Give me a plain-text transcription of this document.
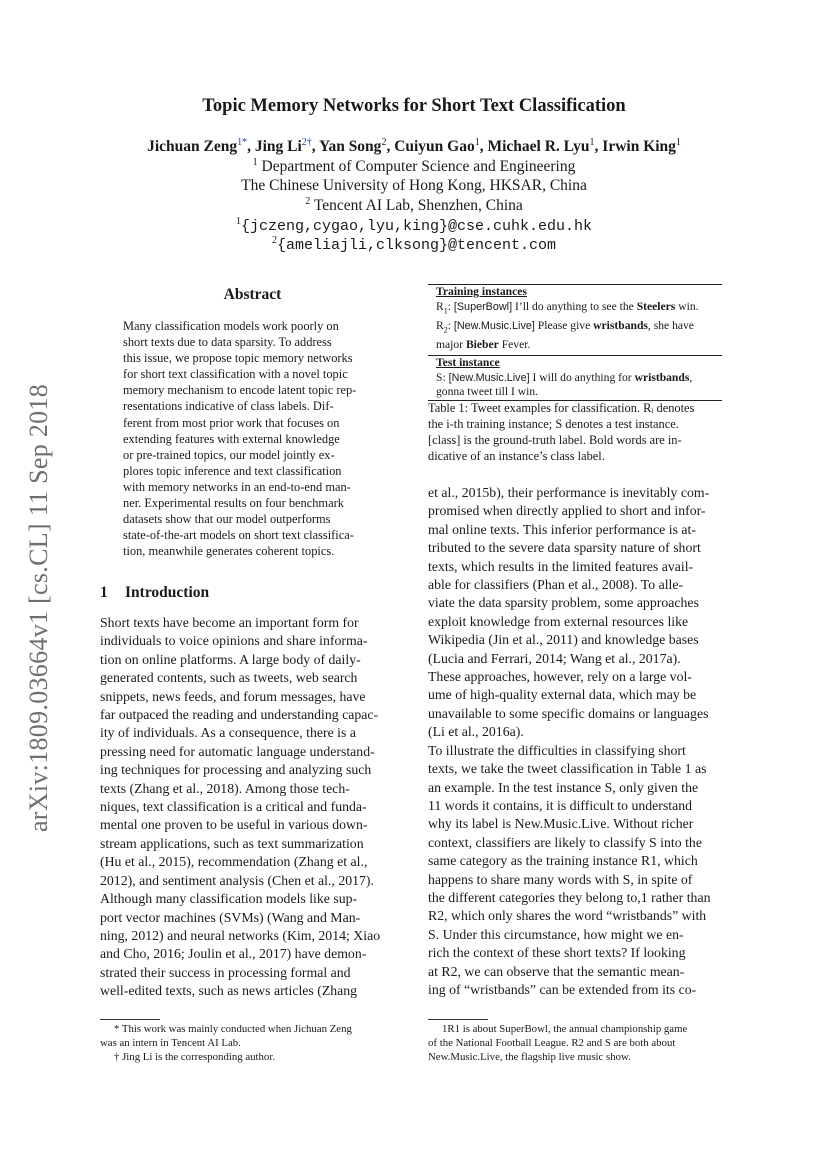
arXiv:1809.03664v1 [cs.CL] 11 Sep 2018
Topic Memory Networks for Short Text Classification
Jichuan Zeng$^{1*}$, Jing $Li^{2\dagger}$, Yan Song$^2$, Cuiyun Gao$^1$, Michael R. Lyu$^1$, Irwin King$^1$
$^1$ Department of Computer Science and Engineering
The Chinese University of Hong Kong, HKSAR, China
$^2$ Tencent AI Lab, Shenzhen, China
$^1${jczeng,cygao,lyu,king}@cse.cuhk.edu.hk
$^2${ameliajli,clksong}@tencent.com
Abstract
Many classification models work poorly on
short texts due to data sparsity. To address
this issue, we propose topic memory networks
for short text classification with a novel topic
memory mechanism to encode latent topic rep-
resentations indicative of class labels. Dif-
ferent from most prior work that focuses on
extending features with external knowledge
or pre-trained topics, our model jointly ex-
plores topic inference and text classification
with memory networks in an end-to-end man-
ner. Experimental results on four benchmark
datasets show that our model outperforms
state-of-the-art models on short text classifica-
tion, meanwhile generates coherent topics.
1 Introduction
Short texts have become an important form for
individuals to voice opinions and share informa-
tion on online platforms. A large body of daily-
generated contents, such as tweets, web search
snippets, news feeds, and forum messages, have
far outpaced the reading and understanding capac-
ity of individuals. As a consequence, there is a
pressing need for automatic language understand-
ing techniques for processing and analyzing such
texts (Zhang et al., 2018). Among those tech-
niques, text classification is a critical and funda-
mental one proven to be useful in various down-
stream applications, such as text summarization
(Hu et al., 2015), recommendation (Zhang et al.,
2012), and sentiment analysis (Chen et al., 2017).
Although many classification models like sup-
port vector machines (SVMs) (Wang and Man-
ning, 2012) and neural networks (Kim, 2014; Xiao
and Cho, 2016; Joulin et al., 2017) have demon-
strated their success in processing formal and
well-edited texts, such as news articles (Zhang
Training instances
$R_1$: [SuperBowl] I’ll do anything to see the Steelers win.
$R_2$: [New.Music.Live] Please give wristbands, she have
major Bieber Fever.
Test instance
S: [New.Music.Live] I will do anything for wristbands,
gonna tweet till I win.
Table 1: Tweet examples for classification. Rᵢ denotes
the i-th training instance; S denotes a test instance.
[class] is the ground-truth label. Bold words are in-
dicative of an instance’s class label.
et al., 2015b), their performance is inevitably com-
promised when directly applied to short and infor-
mal online texts. This inferior performance is at-
tributed to the severe data sparsity nature of short
texts, which results in the limited features avail-
able for classifiers (Phan et al., 2008). To alle-
viate the data sparsity problem, some approaches
exploit knowledge from external resources like
Wikipedia (Jin et al., 2011) and knowledge bases
(Lucia and Ferrari, 2014; Wang et al., 2017a).
These approaches, however, rely on a large vol-
ume of high-quality external data, which may be
unavailable to some specific domains or languages
(Li et al., 2016a).
To illustrate the difficulties in classifying short
texts, we take the tweet classification in Table 1 as
an example. In the test instance S, only given the
11 words it contains, it is difficult to understand
why its label is New.Music.Live. Without richer
context, classifiers are likely to classify S into the
same category as the training instance R1, which
happens to share many words with S, in spite of
the different categories they belong to,1 rather than
R2, which only shares the word “wristbands” with
S. Under this circumstance, how might we en-
rich the context of these short texts? If looking
at R2, we can observe that the semantic mean-
ing of “wristbands” can be extended from its co-
* This work was mainly conducted when Jichuan Zeng
was an intern in Tencent AI Lab.
† Jing Li is the corresponding author.
1R1 is about SuperBowl, the annual championship game
of the National Football League. R2 and S are both about
New.Music.Live, the flagship live music show.
